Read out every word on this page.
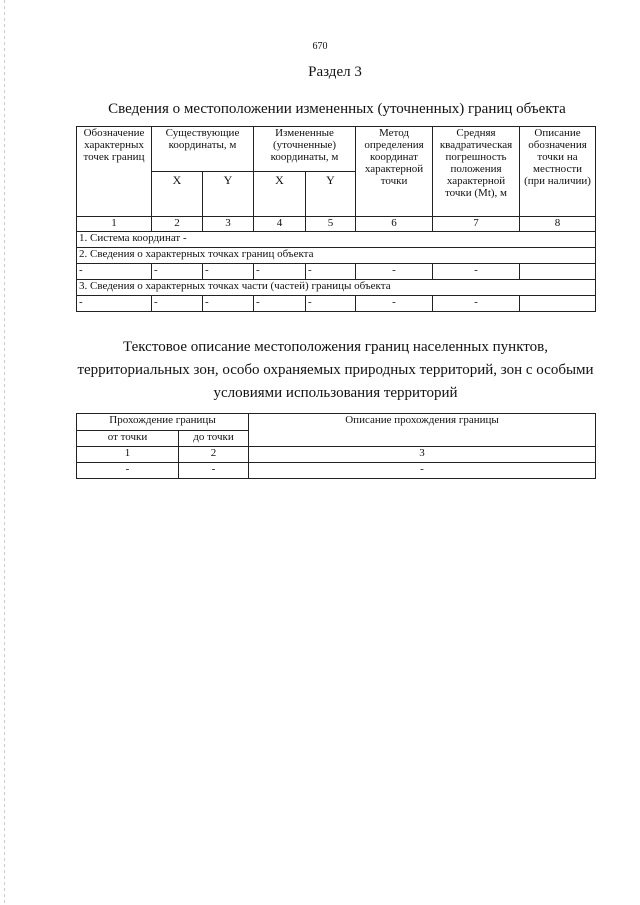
670
Раздел 3
Сведения о местоположении измененных (уточненных) границ объекта
Обозначение характерных точек границ	Существующие координаты, м		Измененные (уточненные) координаты, м		Метод определения координат характерной точки	Средняя квадратическая погрешность положения характерной точки (Mt), м	Описание обозначения точки на местности (при наличии)
	X	Y	X	Y			
1	2	3	4	5	6	7	8
1. Система координат -							
2. Сведения о характерных точках границ объекта							
-	-	-	-	-	-	-	
3. Сведения о характерных точках части (частей) границы объекта							
-	-	-	-	-	-	-	
Текстовое описание местоположения границ населенных пунктов, территориальных зон, особо охраняемых природных территорий, зон с особыми условиями использования территорий
Прохождение границы		Описание прохождения границы
от точки	до точки	
1	2	3
-	-	-
